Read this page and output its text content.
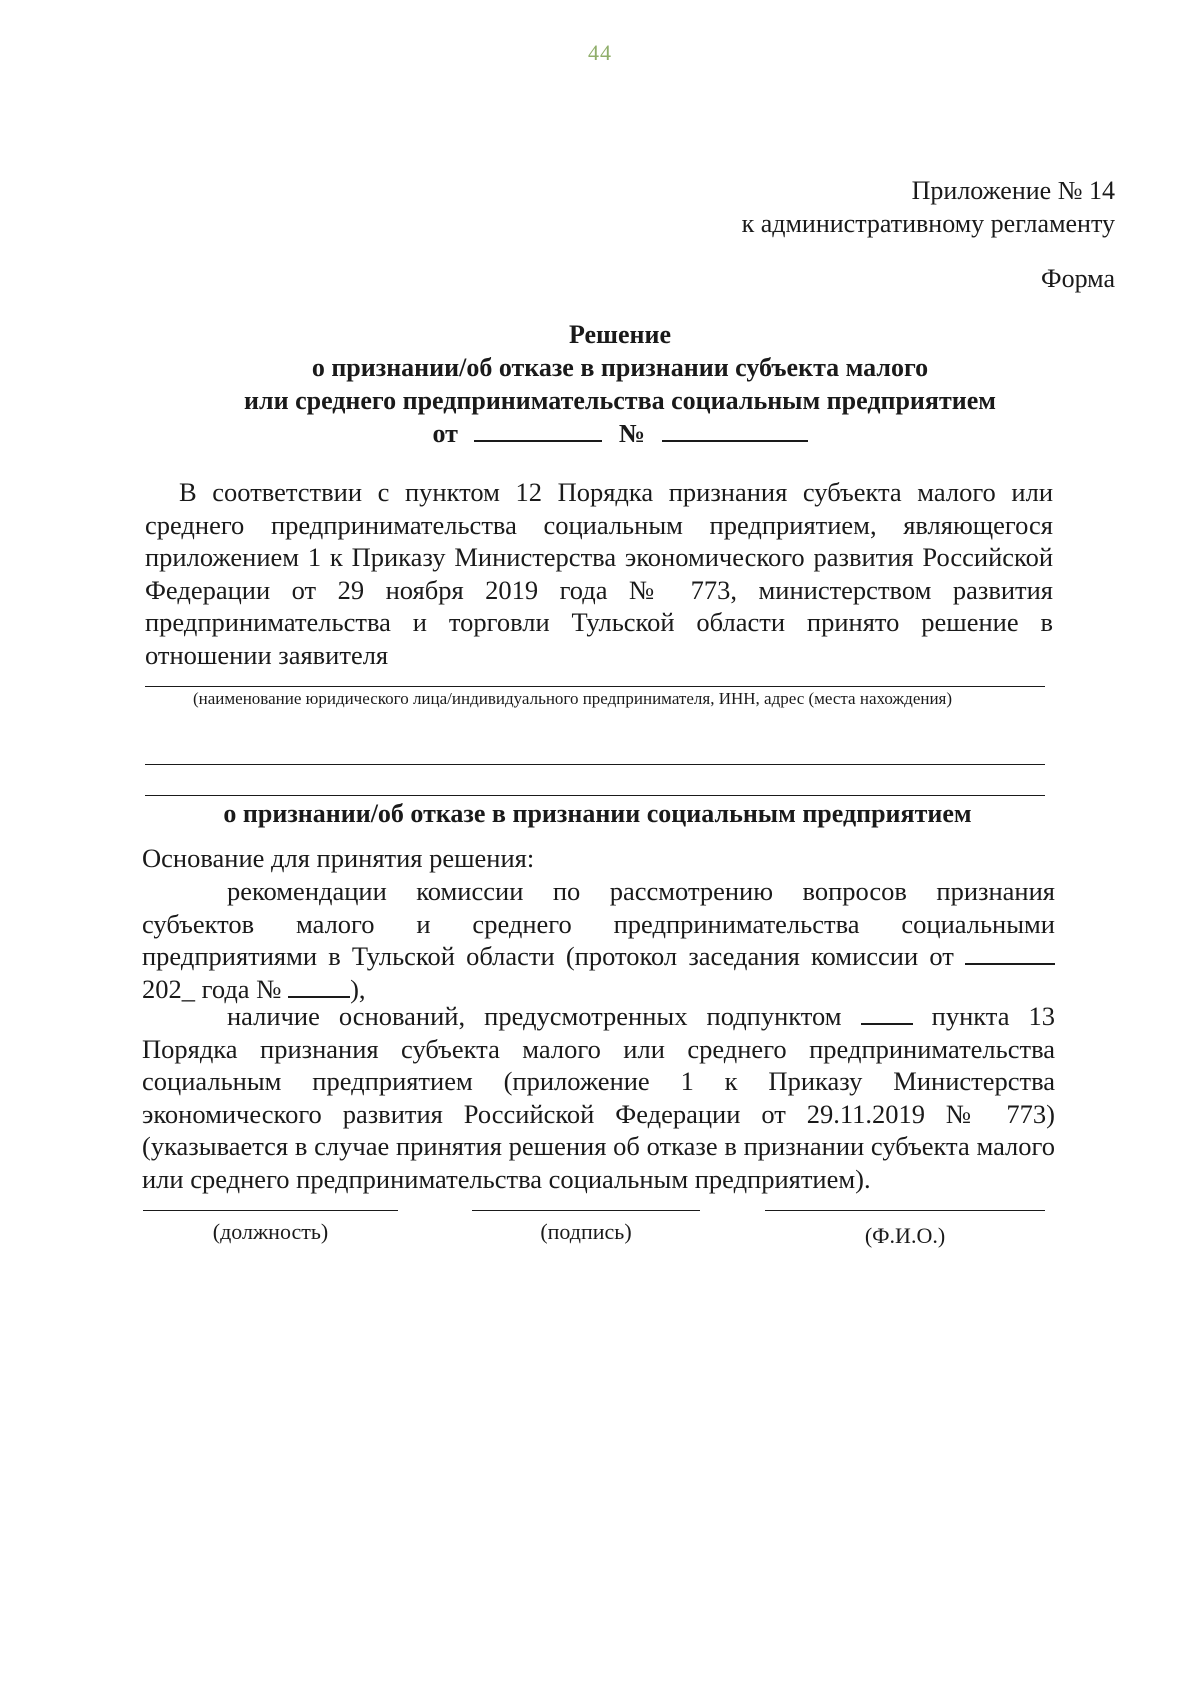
44
Приложение № 14
к административному регламенту
Форма
Решение
о признании/об отказе в признании субъекта малого
или среднего предпринимательства социальным предприятием
от	№

В соответствии с пунктом 12 Порядка признания субъекта малого или среднего предпринимательства социальным предприятием, являющегося приложением 1 к Приказу Министерства экономического развития Российской Федерации от 29 ноября 2019 года № 773, министерством развития предпринимательства и торговли Тульской области принято решение в отношении заявителя

(наименование юридического лица/индивидуального предпринимателя, ИНН, адрес (места нахождения)

о признании/об отказе в признании социальным предприятием
Основание для принятия решения:

рекомендации комиссии по рассмотрению вопросов признания субъектов малого и среднего предпринимательства социальными предприятиями в Тульской области (протокол заседания комиссии от  202_ года №	),

наличие оснований, предусмотренных подпунктом	пункта 13 Порядка признания субъекта малого или среднего предпринимательства социальным предприятием (приложение 1 к Приказу Министерства экономического развития Российской Федерации от 29.11.2019 № 773) (указывается в случае принятия решения об отказе в признании субъекта малого или среднего предпринимательства социальным предприятием).

(должность)	(подпись)	(Ф.И.О.)
